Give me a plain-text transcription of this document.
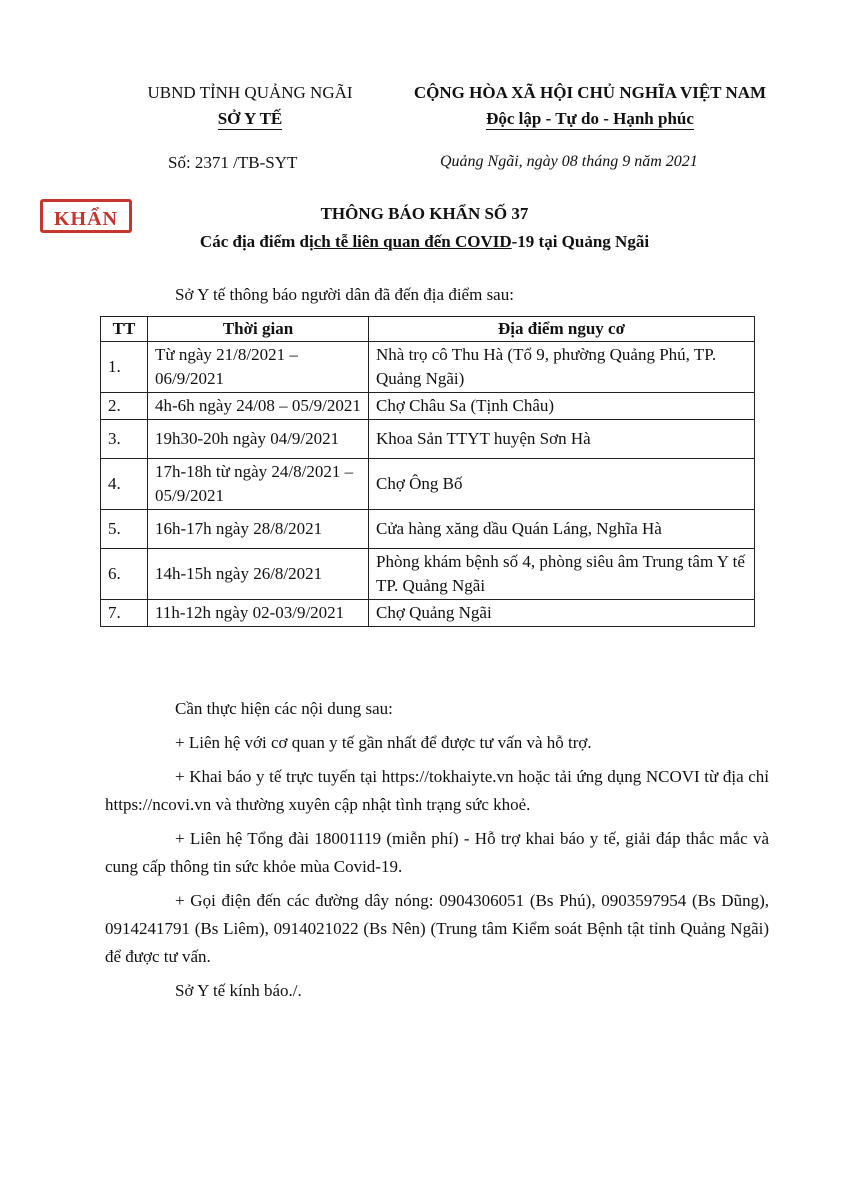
UBND TỈNH QUẢNG NGÃI
SỞ Y TẾ
CỘNG HÒA XÃ HỘI CHỦ NGHĨA VIỆT NAM
Độc lập - Tự do - Hạnh phúc
Số: 2371 /TB-SYT	Quảng Ngãi, ngày 08 tháng 9 năm 2021
KHẨN	THÔNG BÁO KHẨN SỐ 37
Các địa điểm dịch tễ liên quan đến COVID-19 tại Quảng Ngãi
Sở Y tế thông báo người dân đã đến địa điểm sau:
TT	Thời gian	Địa điểm nguy cơ
1.	Từ ngày 21/8/2021 – 06/9/2021	Nhà trọ cô Thu Hà (Tổ 9, phường Quảng Phú, TP. Quảng Ngãi)
2.	4h-6h ngày 24/08 – 05/9/2021	Chợ Châu Sa (Tịnh Châu)
3.	19h30-20h ngày 04/9/2021	Khoa Sản TTYT huyện Sơn Hà
4.	17h-18h từ ngày 24/8/2021 – 05/9/2021	Chợ Ông Bố
5.	16h-17h ngày 28/8/2021	Cửa hàng xăng dầu Quán Láng, Nghĩa Hà
6.	14h-15h ngày 26/8/2021	Phòng khám bệnh số 4, phòng siêu âm Trung tâm Y tế TP. Quảng Ngãi
7.	11h-12h ngày 02-03/9/2021	Chợ Quảng Ngãi
Cần thực hiện các nội dung sau:
+ Liên hệ với cơ quan y tế gần nhất để được tư vấn và hỗ trợ.
+ Khai báo y tế trực tuyến tại https://tokhaiyte.vn hoặc tải ứng dụng NCOVI từ địa chỉ https://ncovi.vn và thường xuyên cập nhật tình trạng sức khoẻ.
+ Liên hệ Tổng đài 18001119 (miễn phí) - Hỗ trợ khai báo y tế, giải đáp thắc mắc và cung cấp thông tin sức khỏe mùa Covid-19.
+ Gọi điện đến các đường dây nóng: 0904306051 (Bs Phú), 0903597954 (Bs Dũng), 0914241791 (Bs Liêm), 0914021022 (Bs Nên) (Trung tâm Kiểm soát Bệnh tật tỉnh Quảng Ngãi) để được tư vấn.
Sở Y tế kính báo./.
